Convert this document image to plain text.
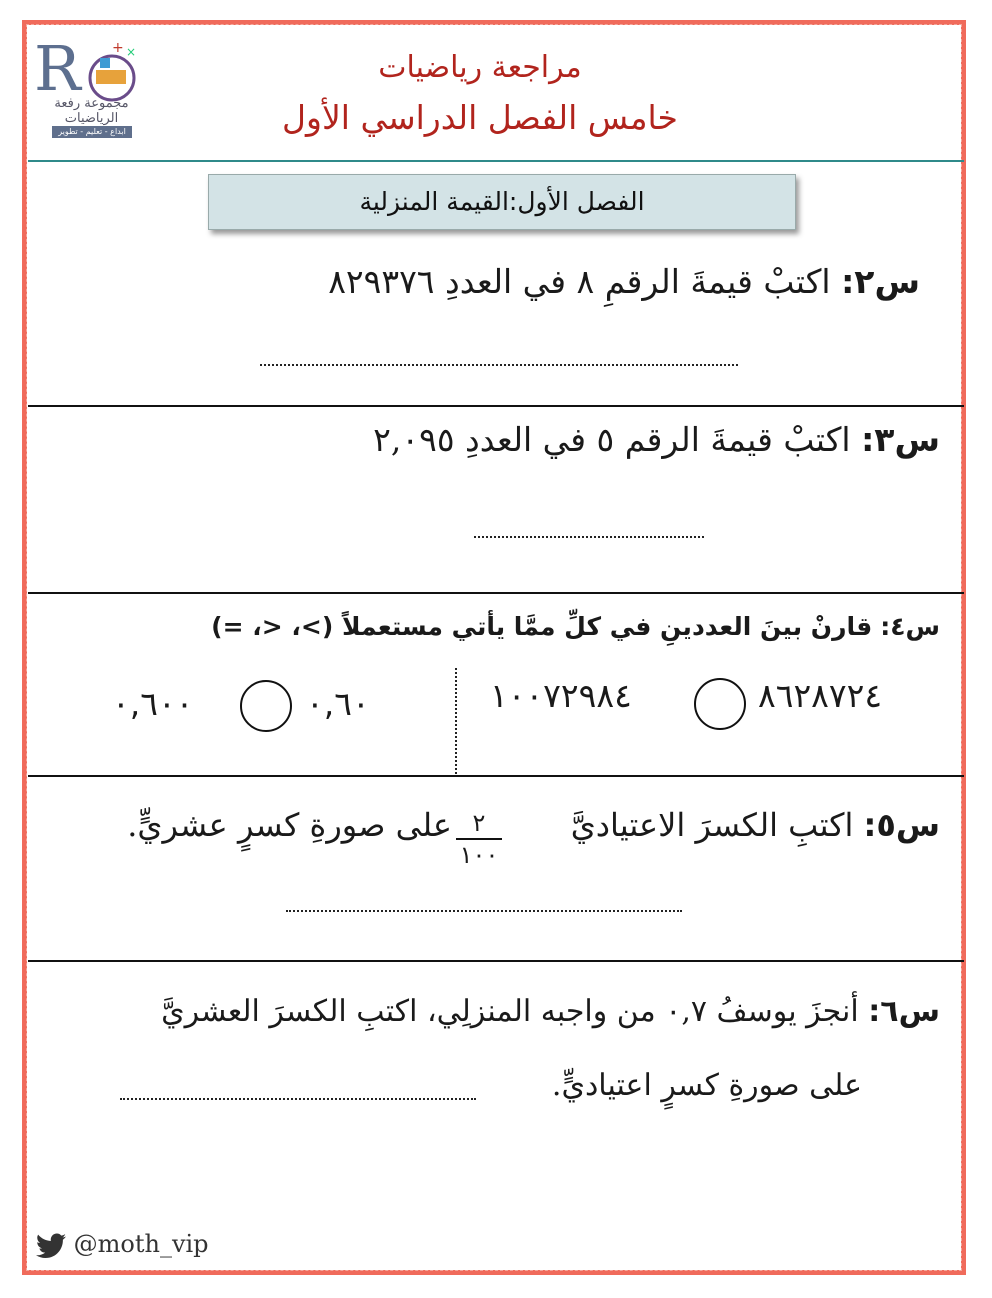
R + ×
مجموعة رفعة الرياضيات
ابداع - تعليم - تطوير
مراجعة رياضيات
خامس الفصل الدراسي الأول
الفصل الأول:القيمة المنزلية
س٢: اكتبْ قيمةَ الرقمِ ٨ في العددِ ٨٢٩٣٧٦
س٣: اكتبْ قيمةَ الرقم ٥ في العددِ ٢,٠٩٥
س٤: قارنْ بينَ العددينِ في كلِّ ممَّا يأتي مستعملاً (>، <، =)
٨٦٢٨٧٢٤
١٠٠٧٢٩٨٤
٠,٦٠
٠,٦٠٠
س٥: اكتبِ الكسرَ الاعتياديَّ
٢
١٠٠
على صورةِ كسرٍ عشريٍّ.
س٦: أنجزَ يوسفُ ٠,٧ من واجبه المنزلِي، اكتبِ الكسرَ العشريَّ
على صورةِ كسرٍ اعتياديٍّ.
@moth_vip
